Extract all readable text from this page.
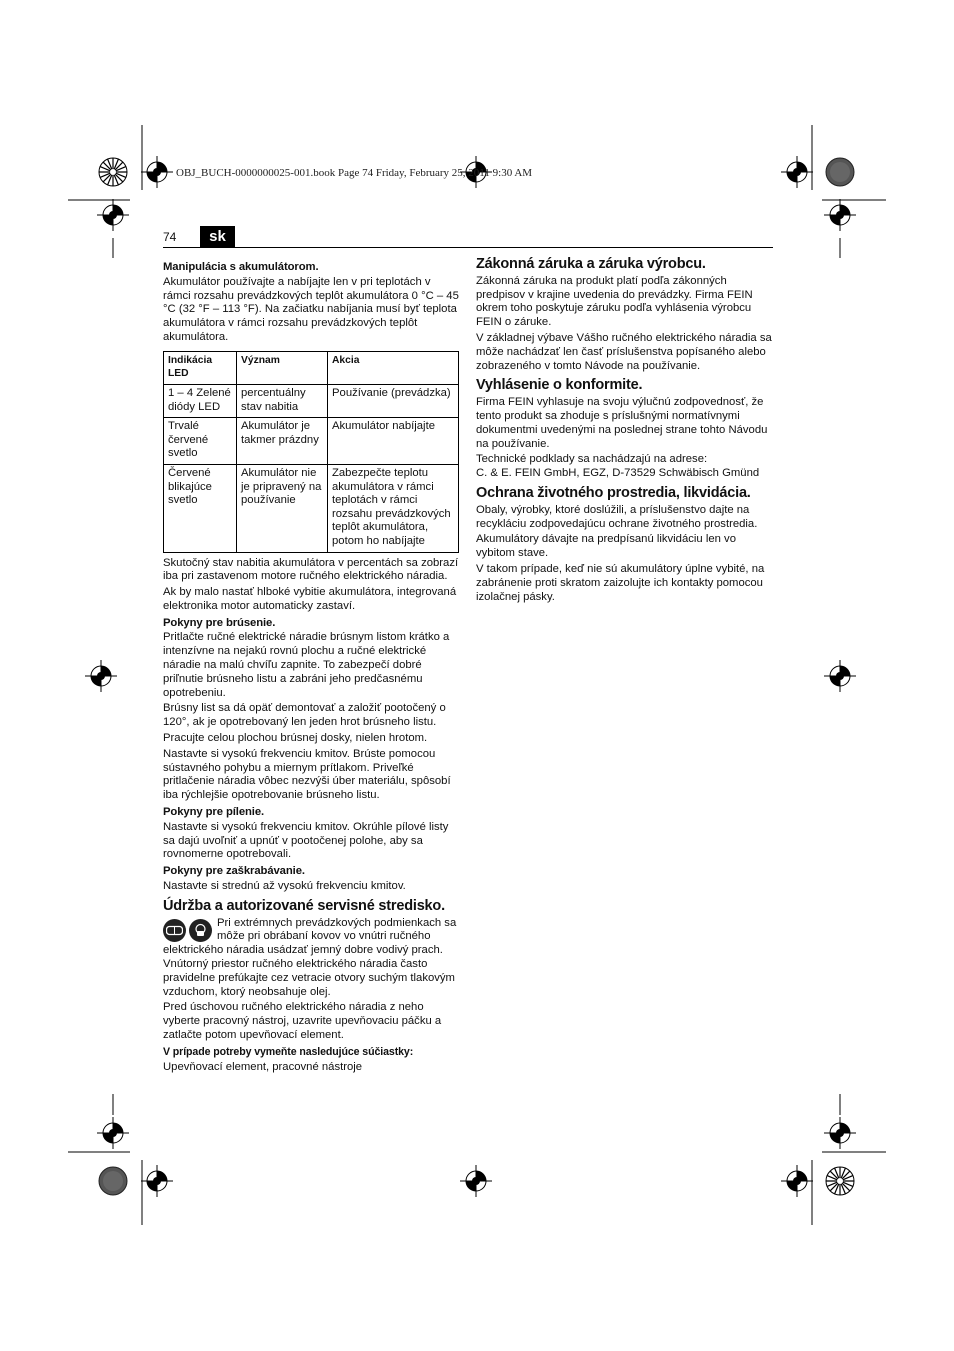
OBJ_BUCH-0000000025-001.book Page 74 Friday, February 25, 2011 9:30 AM
74	sk
Manipulácia s akumulátorom.

Akumulátor používajte a nabíjajte len v pri teplotách v rámci rozsahu prevádzkových teplôt akumulátora 0 °C – 45 °C (32 °F – 113 °F). Na začiatku nabíjania musí byť teplota akumulátora v rámci rozsahu prevádzkových teplôt akumulátora.

Indikácia LED	Význam	Akcia
1 – 4 Zelené diódy LED	percentuálny stav nabitia	Používanie (prevádzka)
Trvalé červené svetlo	Akumulátor je takmer prázdny	Akumulátor nabíjajte
Červené blikajúce svetlo	Akumulátor nie je pripravený na používanie	Zabezpečte teplotu akumulátora v rámci teplotách v rámci rozsahu prevádzkových teplôt akumulátora, potom ho nabíjajte

Skutočný stav nabitia akumulátora v percentách sa zobrazí iba pri zastavenom motore ručného elektrického náradia.

Ak by malo nastať hlboké vybitie akumulátora, integrovaná elektronika motor automaticky zastaví.

Pokyny pre brúsenie.

Pritlačte ručné elektrické náradie brúsnym listom krátko a intenzívne na nejakú rovnú plochu a ručné elektrické náradie na malú chvíľu zapnite. To zabezpečí dobré priľnutie brúsneho listu a zabráni jeho predčasnému opotrebeniu.

Brúsny list sa dá opäť demontovať a založiť pootočený o 120°, ak je opotrebovaný len jeden hrot brúsneho listu.

Pracujte celou plochou brúsnej dosky, nielen hrotom.

Nastavte si vysokú frekvenciu kmitov. Brúste pomocou sústavného pohybu a miernym prítlakom. Priveľké pritlačenie náradia vôbec nezvýši úber materiálu, spôsobí iba rýchlejšie opotrebovanie brúsneho listu.

Pokyny pre pílenie.

Nastavte si vysokú frekvenciu kmitov. Okrúhle pílové listy sa dajú uvoľniť a upnúť v pootočenej polohe, aby sa rovnomerne opotrebovali.

Pokyny pre zaškrabávanie.

Nastavte si strednú až vysokú frekvenciu kmitov.

Údržba a autorizované servisné stredisko.

Pri extrémnych prevádzkových podmienkach sa môže pri obrábaní kovov vo vnútri ručného elektrického náradia usádzať jemný dobre vodivý prach. Vnútorný priestor ručného elektrického náradia často pravidelne prefúkajte cez vetracie otvory suchým tlakovým vzduchom, ktorý neobsahuje olej.

Pred úschovou ručného elektrického náradia z neho vyberte pracovný nástroj, uzavrite upevňovaciu páčku a zatlačte potom upevňovací element.

V prípade potreby vymeňte nasledujúce súčiastky:

Upevňovací element, pracovné nástroje

Zákonná záruka a záruka výrobcu.

Zákonná záruka na produkt platí podľa zákonných predpisov v krajine uvedenia do prevádzky. Firma FEIN okrem toho poskytuje záruku podľa vyhlásenia výrobcu FEIN o záruke.

V základnej výbave Vášho ručného elektrického náradia sa môže nachádzať len časť príslušenstva popísaného alebo zobrazeného v tomto Návode na používanie.

Vyhlásenie o konformite.

Firma FEIN vyhlasuje na svoju výlučnú zodpovednosť, že tento produkt sa zhoduje s príslušnými normatívnymi dokumentmi uvedenými na poslednej strane tohto Návodu na používanie.

Technické podklady sa nachádzajú na adrese:

C. & E. FEIN GmbH, EGZ, D-73529 Schwäbisch Gmünd

Ochrana životného prostredia, likvidácia.

Obaly, výrobky, ktoré doslúžili, a príslušenstvo dajte na recykláciu zodpovedajúcu ochrane životného prostredia.

Akumulátory dávajte na predpísanú likvidáciu len vo vybitom stave.

V takom prípade, keď nie sú akumulátory úplne vybité, na zabránenie proti skratom zaizolujte ich kontakty pomocou izolačnej pásky.
